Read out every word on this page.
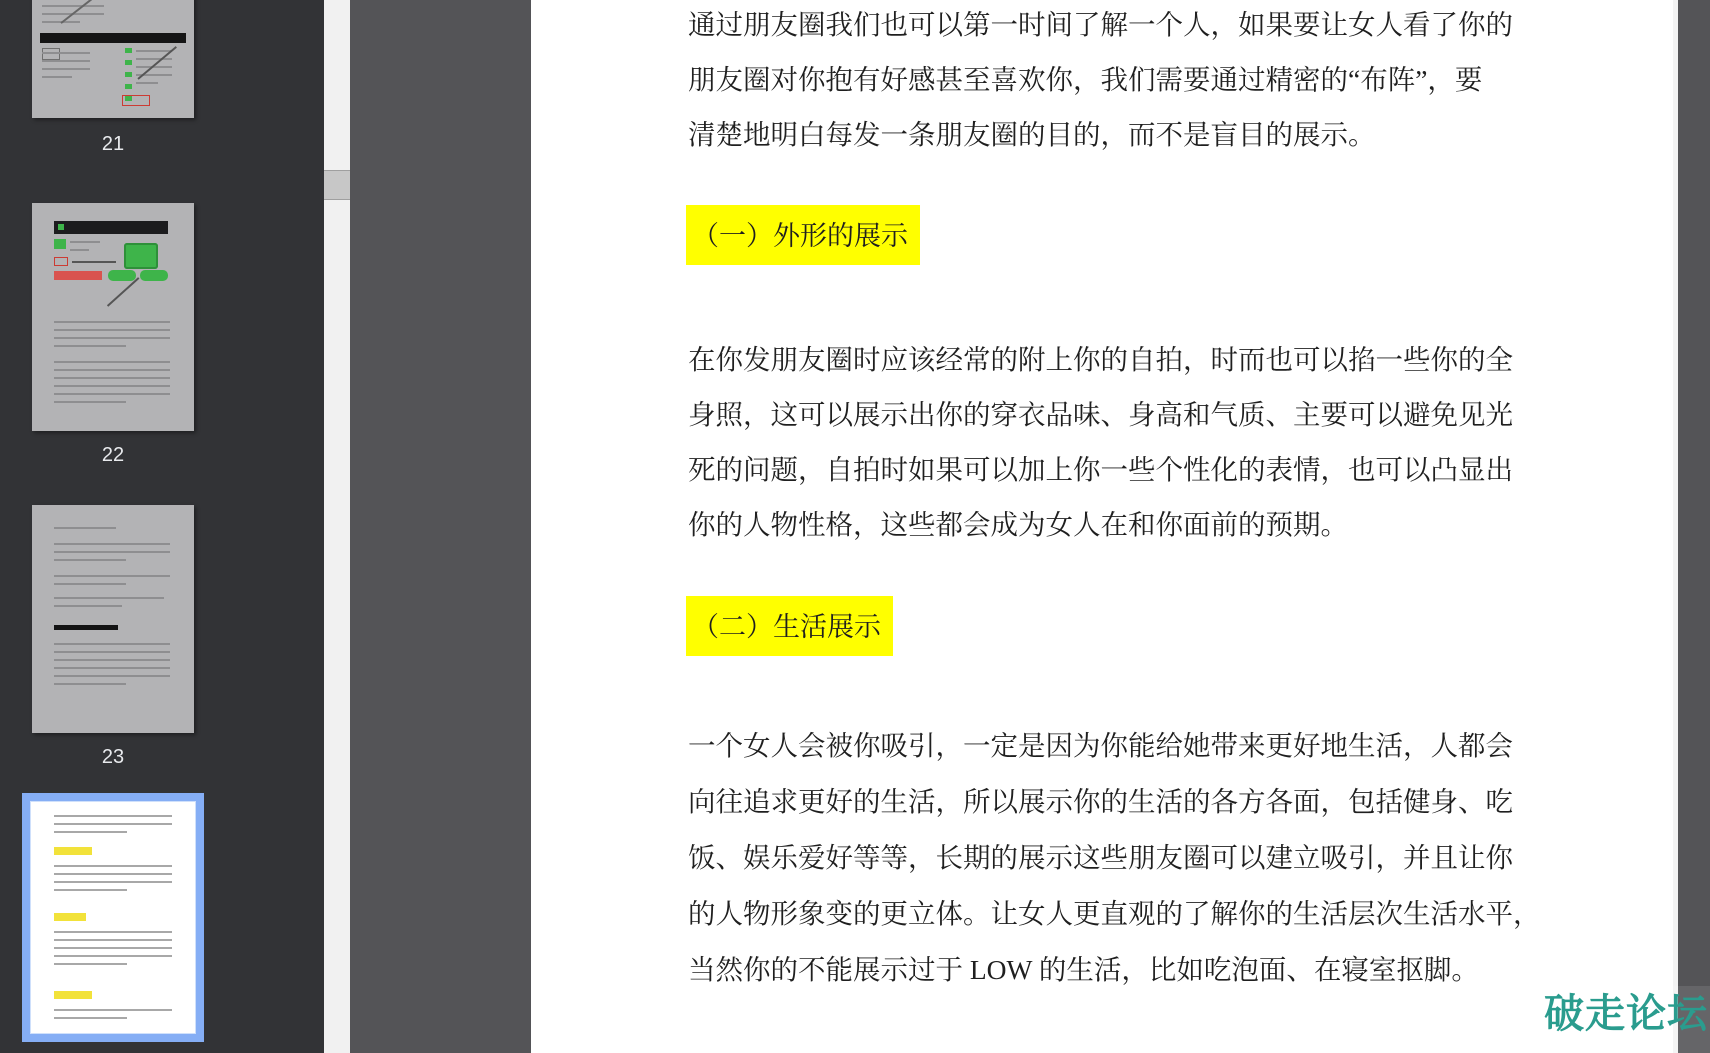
21
22
23
通过朋友圈我们也可以第一时间了解一个人，如果要让女人看了你的
朋友圈对你抱有好感甚至喜欢你，我们需要通过精密的“布阵”，要
清楚地明白每发一条朋友圈的目的，而不是盲目的展示。
（一）外形的展示
在你发朋友圈时应该经常的附上你的自拍，时而也可以掐一些你的全
身照，这可以展示出你的穿衣品味、身高和气质、主要可以避免见光
死的问题，自拍时如果可以加上你一些个性化的表情，也可以凸显出
你的人物性格，这些都会成为女人在和你面前的预期。
（二）生活展示
一个女人会被你吸引，一定是因为你能给她带来更好地生活，人都会
向往追求更好的生活，所以展示你的生活的各方各面，包括健身、吃
饭、娱乐爱好等等，长期的展示这些朋友圈可以建立吸引，并且让你
的人物形象变的更立体。让女人更直观的了解你的生活层次生活水平，
当然你的不能展示过于 LOW 的生活，比如吃泡面、在寝室抠脚。
破走论坛
